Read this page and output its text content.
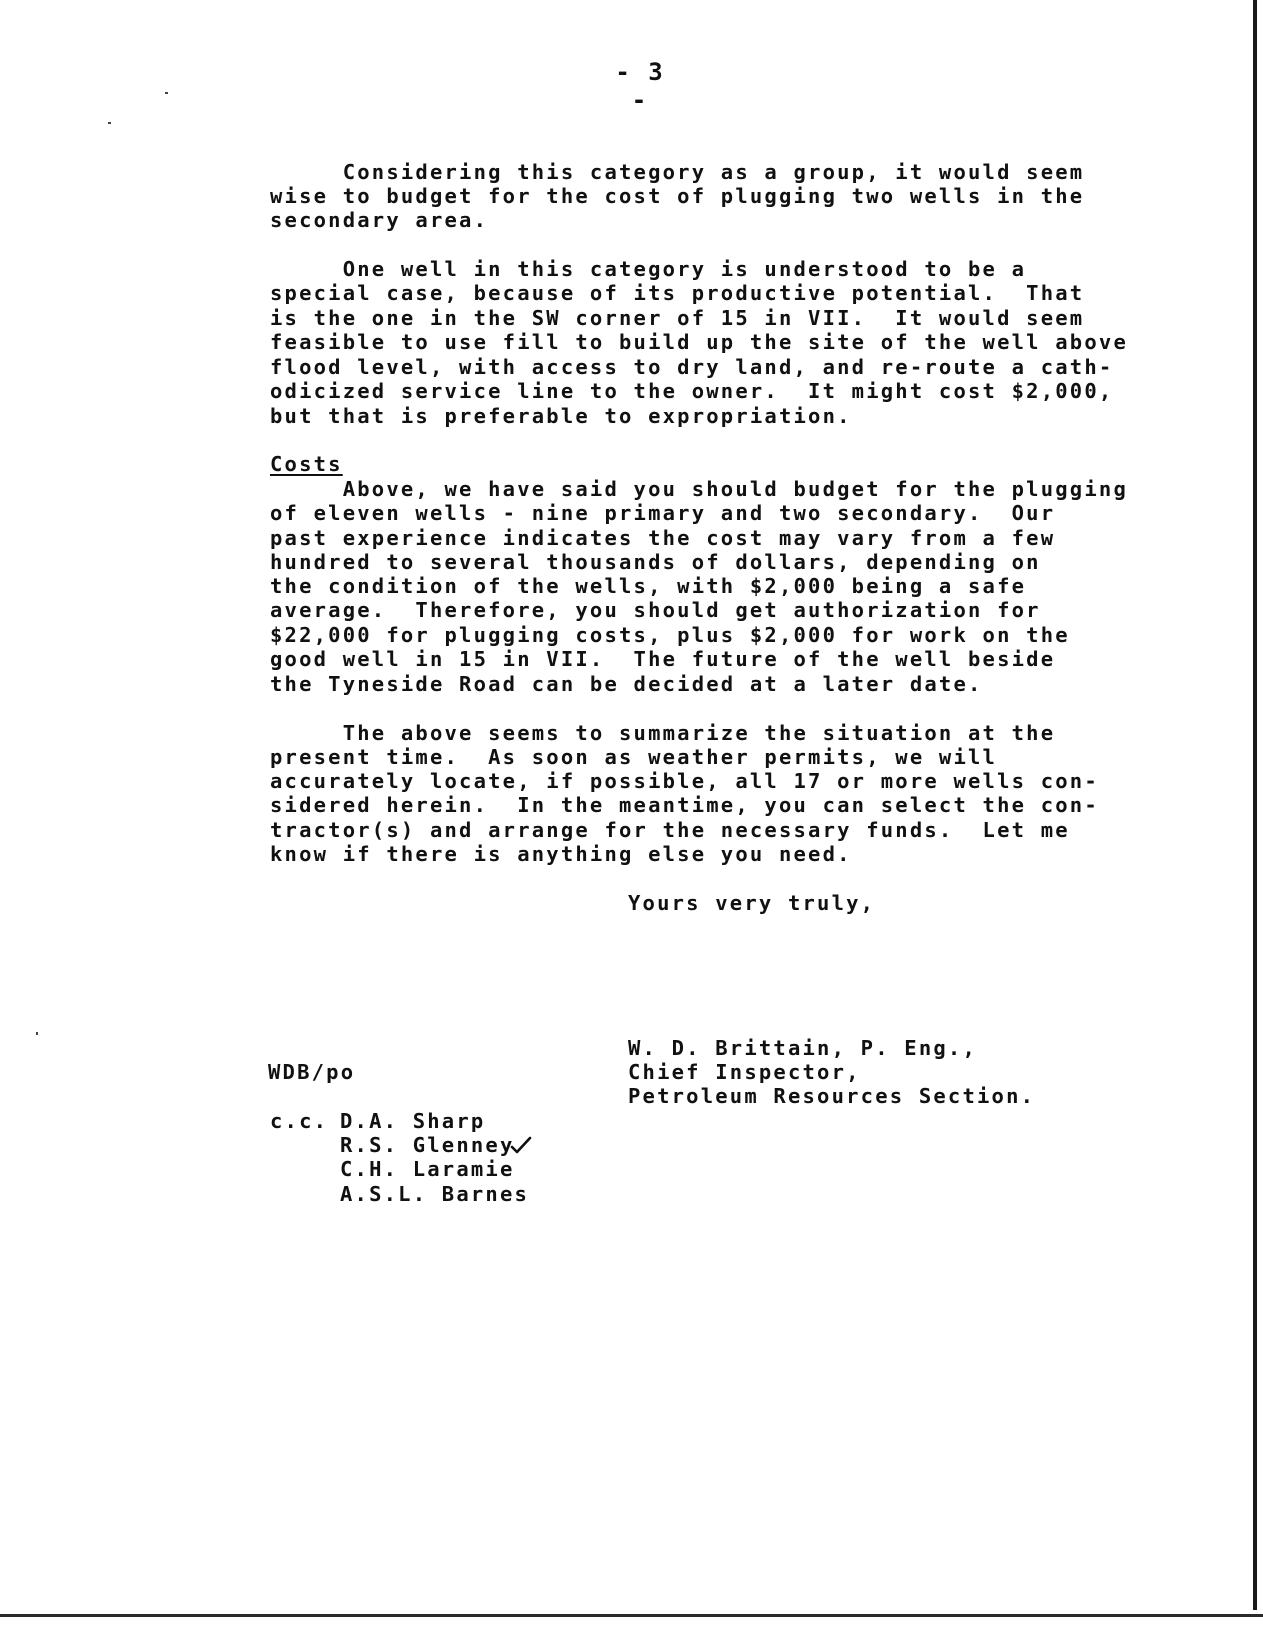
- 3 -
Considering this category as a group, it would seem
wise to budget for the cost of plugging two wells in the
secondary area.
One well in this category is understood to be a
special case, because of its productive potential.  That
is the one in the SW corner of 15 in VII.  It would seem
feasible to use fill to build up the site of the well above
flood level, with access to dry land, and re-route a cath-
odicized service line to the owner.  It might cost $2,000,
but that is preferable to expropriation.
Costs
Above, we have said you should budget for the plugging
of eleven wells - nine primary and two secondary.  Our
past experience indicates the cost may vary from a few
hundred to several thousands of dollars, depending on
the condition of the wells, with $2,000 being a safe
average.  Therefore, you should get authorization for
$22,000 for plugging costs, plus $2,000 for work on the
good well in 15 in VII.  The future of the well beside
the Tyneside Road can be decided at a later date.
The above seems to summarize the situation at the
present time.  As soon as weather permits, we will
accurately locate, if possible, all 17 or more wells con-
sidered herein.  In the meantime, you can select the con-
tractor(s) and arrange for the necessary funds.  Let me
know if there is anything else you need.
Yours very truly,
W. D. Brittain, P. Eng.,
Chief Inspector,
Petroleum Resources Section.
WDB/po
c.c. D.A. Sharp
R.S. Glenney
C.H. Laramie
A.S.L. Barnes
